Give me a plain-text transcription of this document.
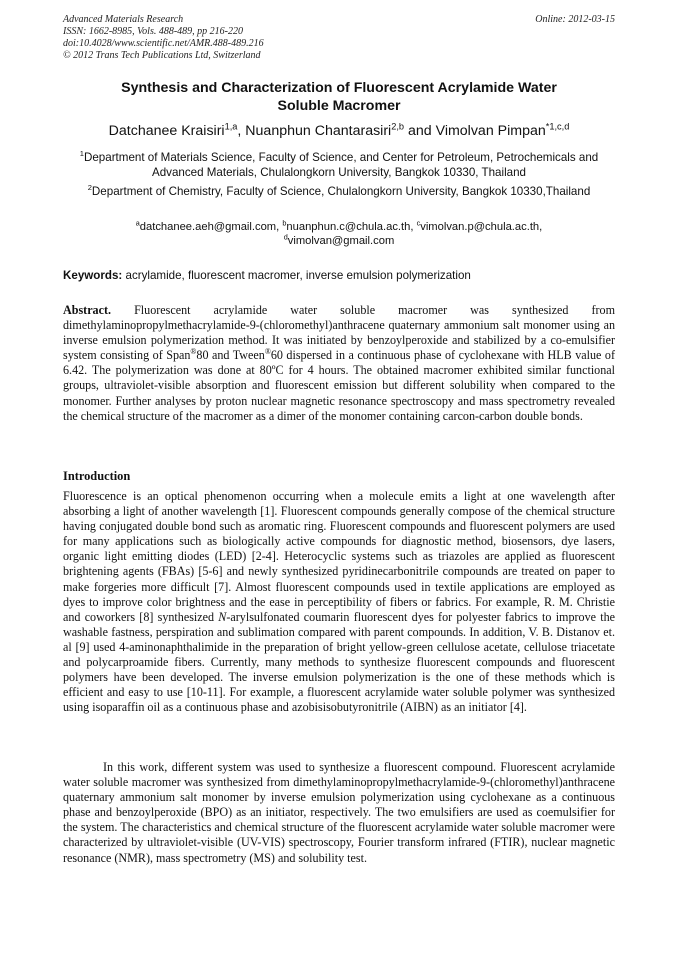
Advanced Materials Research
ISSN: 1662-8985, Vols. 488-489, pp 216-220
doi:10.4028/www.scientific.net/AMR.488-489.216
© 2012 Trans Tech Publications Ltd, Switzerland
Online: 2012-03-15
Synthesis and Characterization of Fluorescent Acrylamide Water
Soluble Macromer
Datchanee Kraisiri$^{1,a}$, Nuanphun Chantarasiri$^{2,b}$ and Vimolvan Pimpan$^{*1,c,d}$
$^1$Department of Materials Science, Faculty of Science, and Center for Petroleum, Petrochemicals and Advanced Materials, Chulalongkorn University, Bangkok 10330, Thailand
$^2$Department of Chemistry, Faculty of Science, Chulalongkorn University, Bangkok 10330,Thailand
$^a$datchanee.aeh@gmail.com, $^b$nuanphun.c@chula.ac.th, $^c$vimolvan.p@chula.ac.th,
$^d$vimolvan@gmail.com
Keywords: acrylamide, fluorescent macromer, inverse emulsion polymerization
Abstract. Fluorescent acrylamide water soluble macromer was synthesized from dimethylaminopropylmethacrylamide-9-(chloromethyl)anthracene quaternary ammonium salt monomer using an inverse emulsion polymerization method. It was initiated by benzoylperoxide and stabilized by a co-emulsifier system consisting of Span®80 and Tween®60 dispersed in a continuous phase of cyclohexane with HLB value of 6.42. The polymerization was done at 80ºC for 4 hours. The obtained macromer exhibited similar functional groups, ultraviolet-visible absorption and fluorescent emission but different solubility when compared to the monomer. Further analyses by proton nuclear magnetic resonance spectroscopy and mass spectrometry revealed the chemical structure of the macromer as a dimer of the monomer containing carcon-carbon double bonds.
Introduction
Fluorescence is an optical phenomenon occurring when a molecule emits a light at one wavelength after absorbing a light of another wavelength [1]. Fluorescent compounds generally compose of the chemical structure having conjugated double bond such as aromatic ring. Fluorescent compounds and fluorescent polymers are used for many applications such as biologically active compounds for diagnostic method, biosensors, dye lasers, organic light emitting diodes (LED) [2-4]. Heterocyclic systems such as triazoles are applied as fluorescent brightening agents (FBAs) [5-6] and newly synthesized pyridinecarbonitrile compounds are treated on paper to make forgeries more difficult [7]. Almost fluorescent compounds used in textile applications are employed as dyes to improve color brightness and the ease in perceptibility of fibers or fabrics. For example, R. M. Christie and coworkers [8] synthesized N-arylsulfonated coumarin fluorescent dyes for polyester fabrics to improve the washable fastness, perspiration and sublimation compared with parent compounds. In addition, V. B. Distanov et. al [9] used 4-aminonaphthalimide in the preparation of bright yellow-green cellulose acetate, cellulose triacetate and polycarproamide fibers. Currently, many methods to synthesize fluorescent compounds and fluorescent polymers have been developed. The inverse emulsion polymerization is the one of these methods which is efficient and easy to use [10-11]. For example, a fluorescent acrylamide water soluble polymer was synthesized using isoparaffin oil as a continuous phase and azobisisobutyronitrile (AIBN) as an initiator [4].
In this work, different system was used to synthesize a fluorescent compound. Fluorescent acrylamide water soluble macromer was synthesized from dimethylaminopropylmethacrylamide-9-(chloromethyl)anthracene quaternary ammonium salt monomer by inverse emulsion polymerization using cyclohexane as a continuous phase and benzoylperoxide (BPO) as an initiator, respectively. The two emulsifiers are used as coemulsifier for the system. The characteristics and chemical structure of the fluorescent acrylamide water soluble macromer were characterized by ultraviolet-visible (UV-VIS) spectroscopy, Fourier transform infrared (FTIR), nuclear magnetic resonance (NMR), mass spectrometry (MS) and solubility test.
